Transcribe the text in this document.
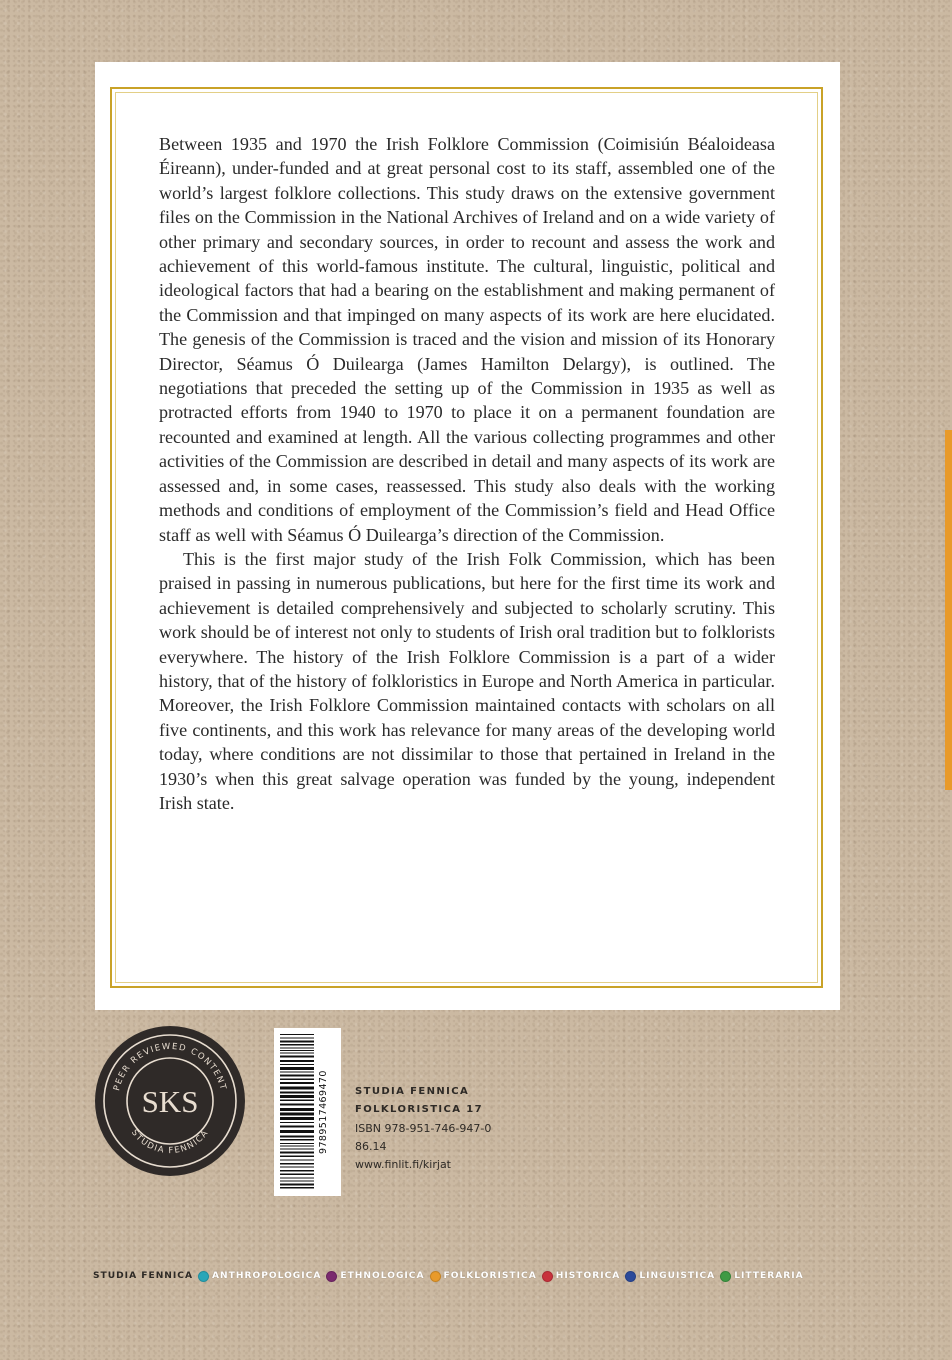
Between 1935 and 1970 the Irish Folklore Commission (Coimisiún Béaloideasa Éireann), under-funded and at great personal cost to its staff, assembled one of the world’s largest folklore collections. This study draws on the extensive government files on the Commission in the National Archives of Ireland and on a wide variety of other primary and secondary sources, in order to recount and assess the work and achievement of this world-famous institute. The cultural, linguistic, political and ideological factors that had a bearing on the establishment and making permanent of the Commission and that impinged on many aspects of its work are here elucidated. The genesis of the Commission is traced and the vision and mission of its Honorary Director, Séamus Ó Duilearga (James Hamilton Delargy), is outlined. The negotiations that preceded the setting up of the Commission in 1935 as well as protracted efforts from 1940 to 1970 to place it on a permanent foundation are recounted and examined at length. All the various collecting programmes and other activities of the Commission are described in detail and many aspects of its work are assessed and, in some cases, reassessed. This study also deals with the working methods and conditions of employment of the Commission’s field and Head Office staff as well with Séamus Ó Duilearga’s direction of the Commission.

This is the first major study of the Irish Folk Commission, which has been praised in passing in numerous publications, but here for the first time its work and achievement is detailed comprehensively and subjected to scholarly scrutiny. This work should be of interest not only to students of Irish oral tradition but to folklorists everywhere. The history of the Irish Folklore Commission is a part of a wider history, that of the history of folkloristics in Europe and North America in particular. Moreover, the Irish Folklore Commission maintained contacts with scholars on all five continents, and this work has relevance for many areas of the developing world today, where conditions are not dissimilar to those that pertained in Ireland in the 1930’s when this great salvage operation was funded by the young, independent Irish state.

PEER REVIEWED CONTENT
STUDIA FENNICA
SKS	9789517469470	STUDIA FENNICA
FOLKLORISTICA 17
ISBN 978-951-746-947-0
86.14
www.finlit.fi/kirjat
STUDIA FENNICA ANTHROPOLOGICA ETHNOLOGICA FOLKLORISTICA HISTORICA LINGUISTICA LITTERARIA
